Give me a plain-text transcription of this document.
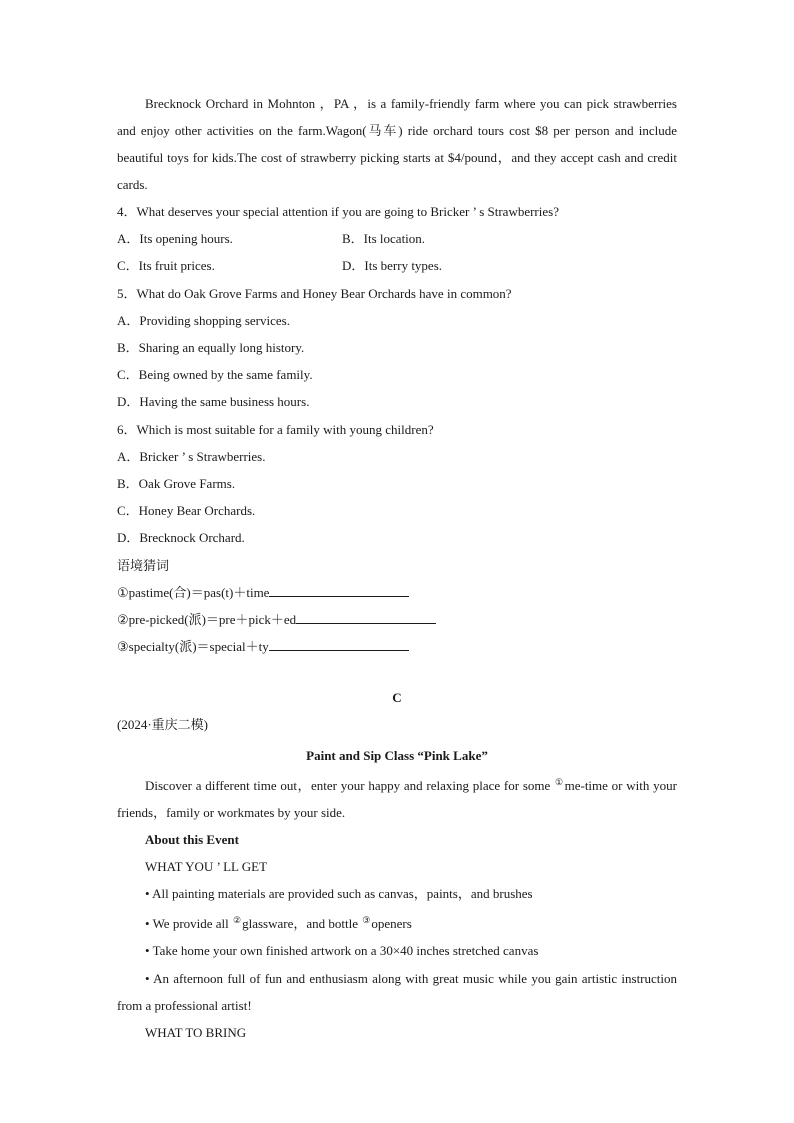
Brecknock Orchard in Mohnton ，PA ，is a family-friendly farm where you can pick strawberries and enjoy other activities on the farm.Wagon(马车) ride orchard tours cost $8 per person and include beautiful toys for kids.The cost of strawberry picking starts at $4/pound，and they accept cash and credit cards.

4．What deserves your special attention if you are going to Bricker ’ s Strawberries?
A．Its opening hours.	B．Its location.
C．Its fruit prices.	D．Its berry types.
5．What do Oak Grove Farms and Honey Bear Orchards have in common?
A．Providing shopping services.
B．Sharing an equally long history.
C．Being owned by the same family.
D．Having the same business hours.
6．Which is most suitable for a family with young children?
A．Bricker ’ s Strawberries.
B．Oak Grove Farms.
C．Honey Bear Orchards.
D．Brecknock Orchard.
语境猜词
①pastime(合)＝pas(t)＋time
②pre-picked(派)＝pre＋pick＋ed
③specialty(派)＝special＋ty
C
(2024·重庆二模)
Paint and Sip Class “Pink Lake”

Discover a different time out，enter your happy and relaxing place for some ①me-time or with your friends，family or workmates by your side.

About this Event
WHAT YOU ’ LL GET
• All painting materials are provided such as canvas，paints，and brushes
• We provide all ②glassware，and bottle ③openers
• Take home your own finished artwork on a 30×40 inches stretched canvas

• An afternoon full of fun and enthusiasm along with great music while you gain artistic instruction from a professional artist!

WHAT TO BRING
